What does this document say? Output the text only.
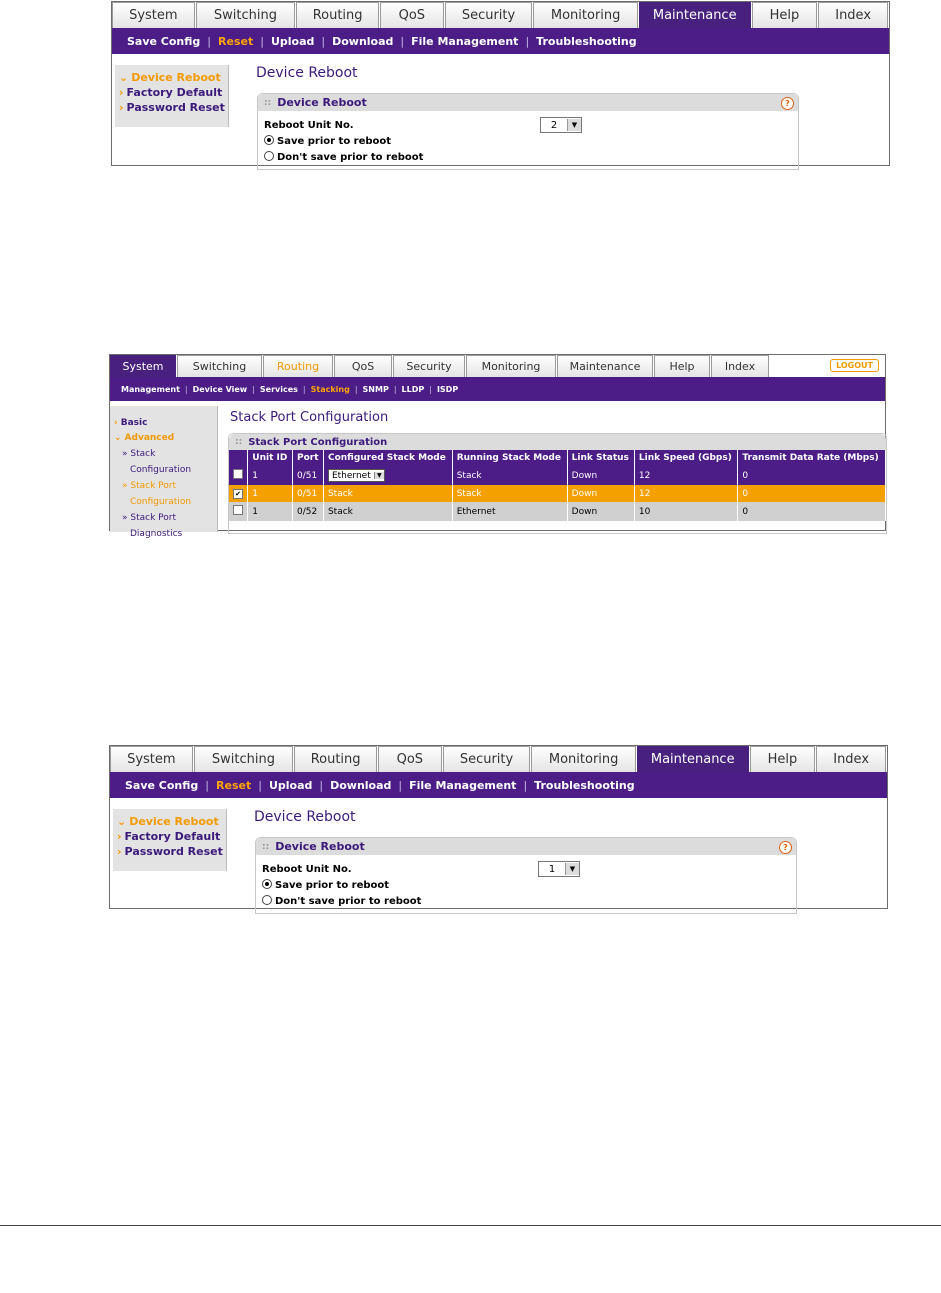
System	Switching	Routing	QoS	Security	Monitoring	Maintenance	Help	Index
Save Config | Reset | Upload | Download | File Management | Troubleshooting
⌄ Device Reboot
› Factory Default
› Password Reset
Device Reboot
:: Device Reboot	?
Reboot Unit No.	2	▼
Save prior to reboot
Don't save prior to reboot
System	Switching	Routing	QoS	Security	Monitoring	Maintenance	Help	Index	LOGOUT
Management | Device View | Services | Stacking | SNMP | LLDP | ISDP
› Basic
⌄ Advanced
» Stack
Configuration
» Stack Port
Configuration
» Stack Port
Diagnostics
Stack Port Configuration
:: Stack Port Configuration
	Unit ID	Port	Configured Stack Mode	Running Stack Mode	Link Status	Link Speed (Gbps)	Transmit Data Rate (Mbps)
	1	0/51	Ethernet ▼	Stack	Down	12	0
✔	1	0/51	Stack	Stack	Down	12	0
	1	0/52	Stack	Ethernet	Down	10	0
System	Switching	Routing	QoS	Security	Monitoring	Maintenance	Help	Index
Save Config | Reset | Upload | Download | File Management | Troubleshooting
⌄ Device Reboot
› Factory Default
› Password Reset
Device Reboot
:: Device Reboot	?
Reboot Unit No.	1	▼
Save prior to reboot
Don't save prior to reboot
